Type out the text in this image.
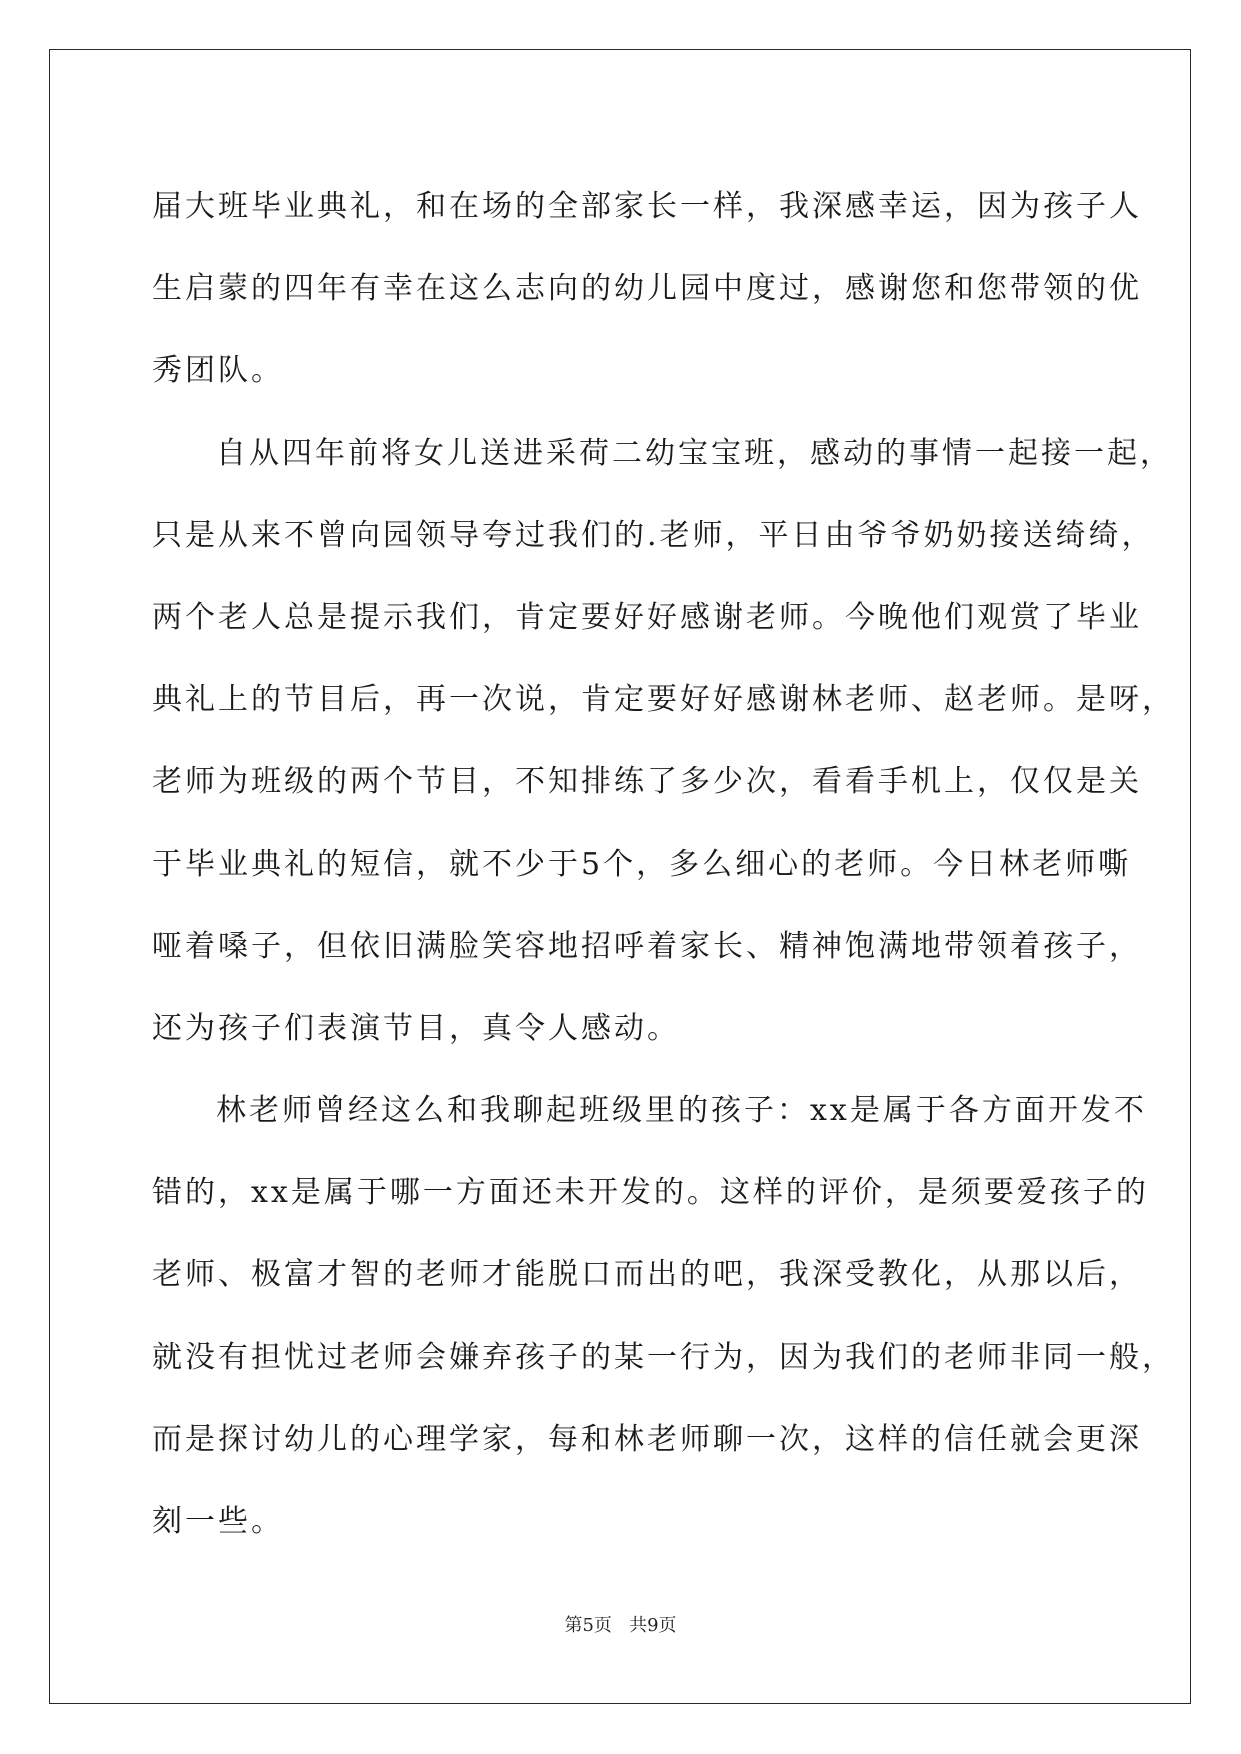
届大班毕业典礼，和在场的全部家长一样，我深感幸运，因为孩子人
生启蒙的四年有幸在这么志向的幼儿园中度过，感谢您和您带领的优
秀团队。
自从四年前将女儿送进采荷二幼宝宝班，感动的事情一起接一起，
只是从来不曾向园领导夸过我们的.老师，平日由爷爷奶奶接送绮绮，
两个老人总是提示我们，肯定要好好感谢老师。今晚他们观赏了毕业
典礼上的节目后，再一次说，肯定要好好感谢林老师、赵老师。是呀，
老师为班级的两个节目，不知排练了多少次，看看手机上，仅仅是关
于毕业典礼的短信，就不少于5个，多么细心的老师。今日林老师嘶
哑着嗓子，但依旧满脸笑容地招呼着家长、精神饱满地带领着孩子，
还为孩子们表演节目，真令人感动。
林老师曾经这么和我聊起班级里的孩子：xx是属于各方面开发不
错的，xx是属于哪一方面还未开发的。这样的评价，是须要爱孩子的
老师、极富才智的老师才能脱口而出的吧，我深受教化，从那以后，
就没有担忧过老师会嫌弃孩子的某一行为，因为我们的老师非同一般，
而是探讨幼儿的心理学家，每和林老师聊一次，这样的信任就会更深
刻一些。
第5页 共9页
